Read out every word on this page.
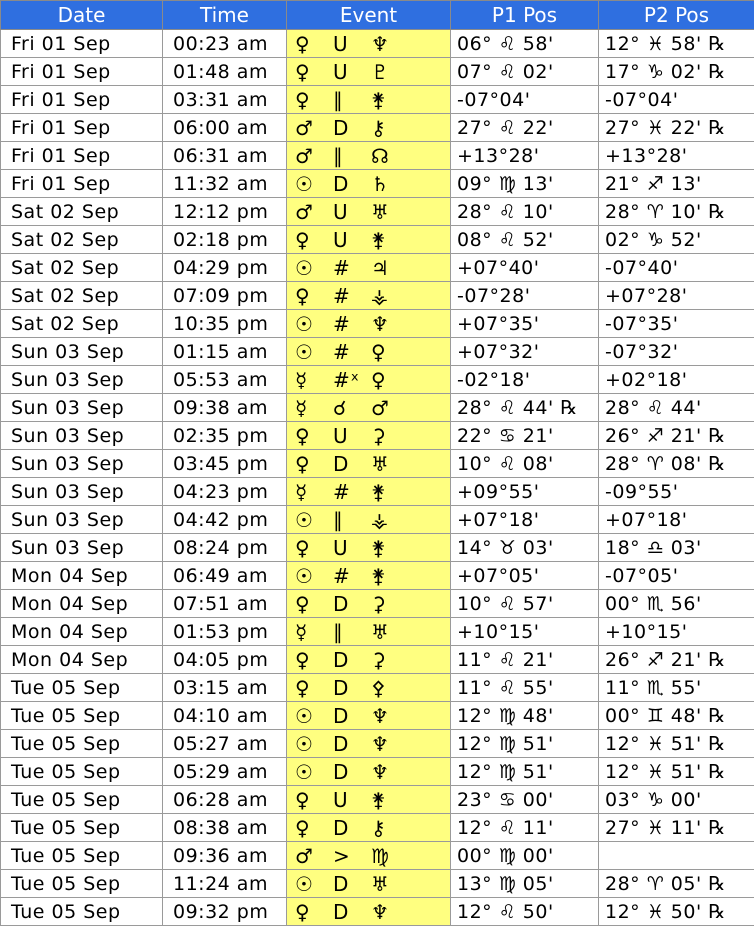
Date	Time	Event	P1 Pos	P2 Pos
Fri 01 Sep	00:23 am	♀ U ♆	06° ♌ 58'	12° ♓ 58' ℞
Fri 01 Sep	01:48 am	♀ U ♇	07° ♌ 02'	17° ♑ 02' ℞
Fri 01 Sep	03:31 am	♀ ∥ ⚵	-07°04'	-07°04'
Fri 01 Sep	06:00 am	♂ D ⚷	27° ♌ 22'	27° ♓ 22' ℞
Fri 01 Sep	06:31 am	♂ ∥ ☊	+13°28'	+13°28'
Fri 01 Sep	11:32 am	☉ D ♄	09° ♍ 13'	21° ♐ 13'
Sat 02 Sep	12:12 pm	♂ U ♅	28° ♌ 10'	28° ♈ 10' ℞
Sat 02 Sep	02:18 pm	♀ U ⚵	08° ♌ 52'	02° ♑ 52'
Sat 02 Sep	04:29 pm	☉ # ♃	+07°40'	-07°40'
Sat 02 Sep	07:09 pm	♀ # ⚶	-07°28'	+07°28'
Sat 02 Sep	10:35 pm	☉ # ♆	+07°35'	-07°35'
Sun 03 Sep	01:15 am	☉ # ♀	+07°32'	-07°32'
Sun 03 Sep	05:53 am	☿ #ˣ ♀	-02°18'	+02°18'
Sun 03 Sep	09:38 am	☿ ☌ ♂	28° ♌ 44' ℞	28° ♌ 44'
Sun 03 Sep	02:35 pm	♀ U ⚳	22° ♋ 21'	26° ♐ 21' ℞
Sun 03 Sep	03:45 pm	♀ D ♅	10° ♌ 08'	28° ♈ 08' ℞
Sun 03 Sep	04:23 pm	☿ # ⚵	+09°55'	-09°55'
Sun 03 Sep	04:42 pm	☉ ∥ ⚶	+07°18'	+07°18'
Sun 03 Sep	08:24 pm	♀ U ⚵	14° ♉ 03'	18° ♎ 03'
Mon 04 Sep	06:49 am	☉ # ⚵	+07°05'	-07°05'
Mon 04 Sep	07:51 am	♀ D ⚳	10° ♌ 57'	00° ♏ 56'
Mon 04 Sep	01:53 pm	☿ ∥ ♅	+10°15'	+10°15'
Mon 04 Sep	04:05 pm	♀ D ⚳	11° ♌ 21'	26° ♐ 21' ℞
Tue 05 Sep	03:15 am	♀ D ⚴	11° ♌ 55'	11° ♏ 55'
Tue 05 Sep	04:10 am	☉ D ♆	12° ♍ 48'	00° ♊ 48' ℞
Tue 05 Sep	05:27 am	☉ D ♆	12° ♍ 51'	12° ♓ 51' ℞
Tue 05 Sep	05:29 am	☉ D ♆	12° ♍ 51'	12° ♓ 51' ℞
Tue 05 Sep	06:28 am	♀ U ⚵	23° ♋ 00'	03° ♑ 00'
Tue 05 Sep	08:38 am	♀ D ⚷	12° ♌ 11'	27° ♓ 11' ℞
Tue 05 Sep	09:36 am	♂ > ♍	00° ♍ 00'	
Tue 05 Sep	11:24 am	☉ D ♅	13° ♍ 05'	28° ♈ 05' ℞
Tue 05 Sep	09:32 pm	♀ D ♆	12° ♌ 50'	12° ♓ 50' ℞
